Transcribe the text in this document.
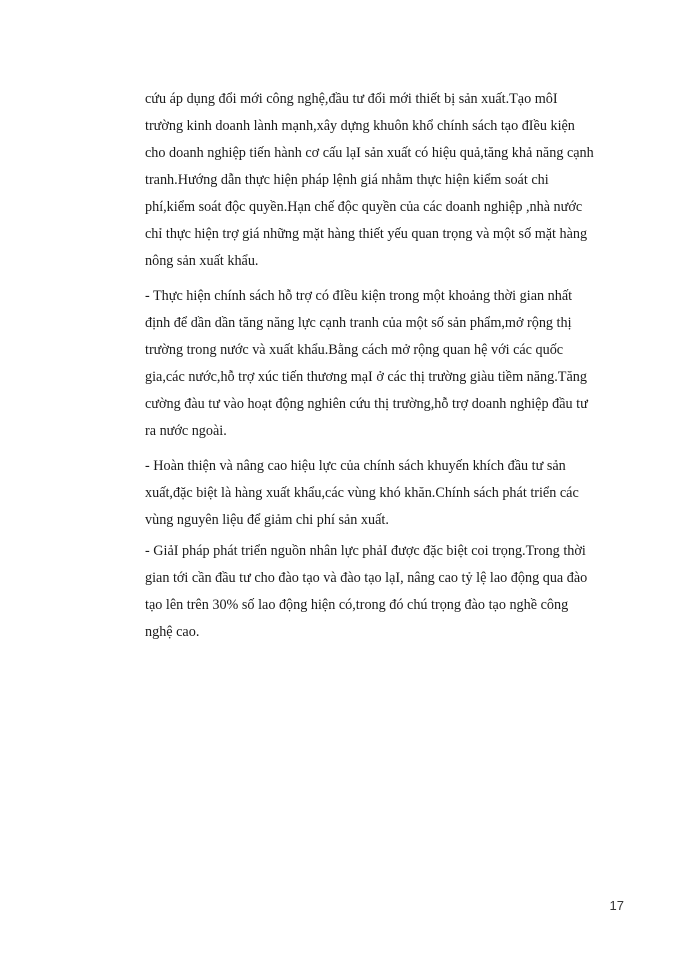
cứu áp dụng đổi mới công nghệ,đầu tư đổi mới thiết bị sản xuất.Tạo môI
trường kinh doanh lành mạnh,xây dựng khuôn khổ chính sách tạo đIều kiện
cho doanh nghiệp tiến hành cơ cấu lạI sản xuất có hiệu quả,tăng khả năng cạnh
tranh.Hướng dẫn thực hiện pháp lệnh giá nhằm thực hiện kiểm soát chi
phí,kiểm soát độc quyền.Hạn chế độc quyền của các doanh nghiệp ,nhà nước
chỉ thực hiện trợ giá những mặt hàng thiết yếu quan trọng và một số mặt hàng
nông sản xuất khẩu.
- Thực hiện chính sách hỗ trợ có đIều kiện trong một khoảng thời gian nhất
định để dần dần tăng năng lực cạnh tranh của một số sản phẩm,mở rộng thị
trường trong nước và xuất khẩu.Bằng cách mở rộng quan hệ với các quốc
gia,các nước,hỗ trợ xúc tiến thương mạI ở các thị trường giàu tiềm năng.Tăng
cường đàu tư vào hoạt động nghiên cứu thị trường,hỗ trợ doanh nghiệp đầu tư
ra nước ngoài.
- Hoàn thiện và nâng cao hiệu lực của chính sách khuyến khích đầu tư sản
xuất,đặc biệt là hàng xuất khẩu,các vùng khó khăn.Chính sách phát triển các
vùng nguyên liệu để giảm chi phí sản xuất.
- GiảI pháp phát triển nguồn nhân lực phảI được đặc biệt coi trọng.Trong thời
gian tới cần đầu tư cho đào tạo và đào tạo lạI, nâng cao tỷ lệ lao động qua đào
tạo lên trên 30% số lao động hiện có,trong đó chú trọng đào tạo nghề công
nghệ cao.
17
